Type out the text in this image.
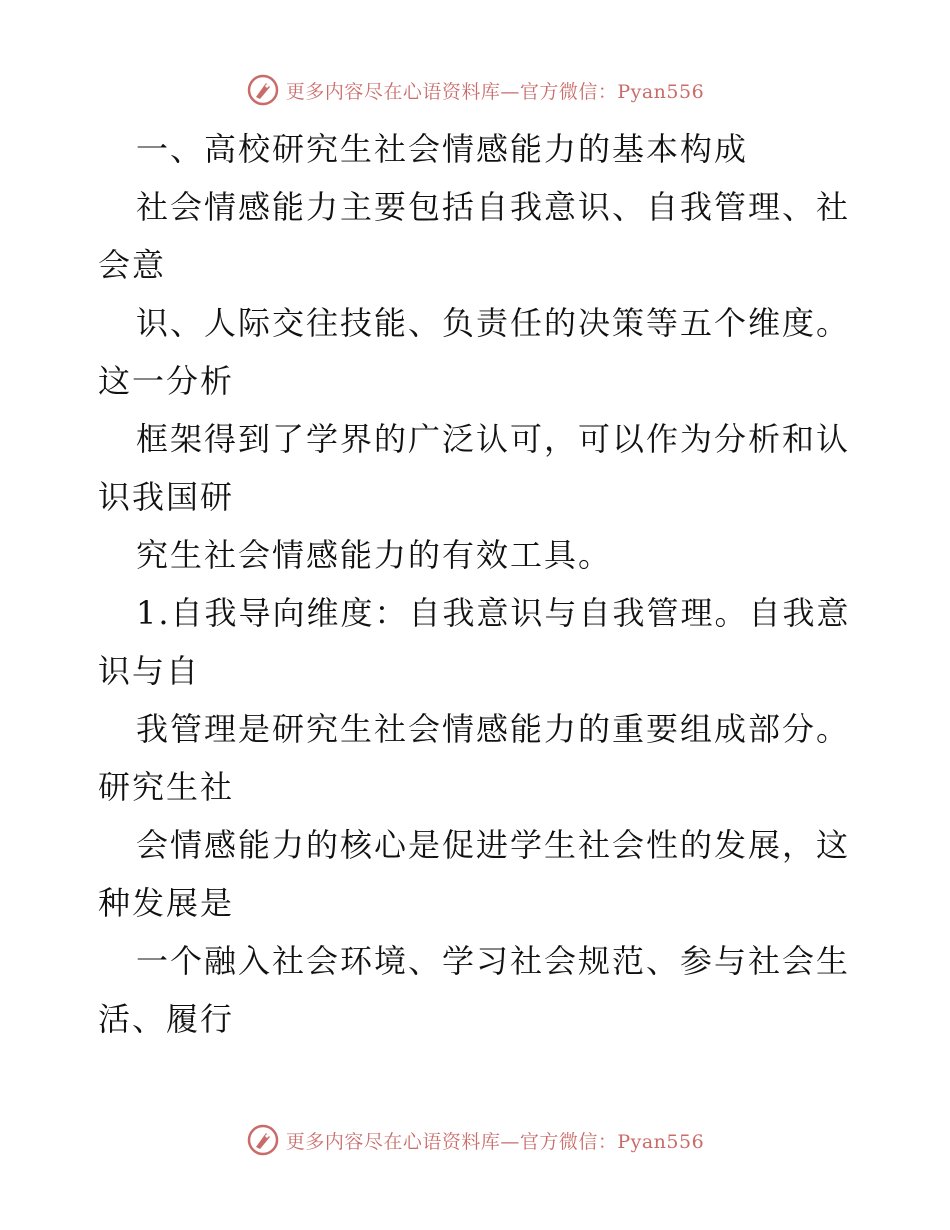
更多内容尽在心语资料库—官方微信：Pyan556
一、高校研究生社会情感能力的基本构成
社会情感能力主要包括自我意识、自我管理、社
会意
识、人际交往技能、负责任的决策等五个维度。
这一分析
框架得到了学界的广泛认可，可以作为分析和认
识我国研
究生社会情感能力的有效工具。
1.自我导向维度：自我意识与自我管理。自我意
识与自
我管理是研究生社会情感能力的重要组成部分。
研究生社
会情感能力的核心是促进学生社会性的发展，这
种发展是
一个融入社会环境、学习社会规范、参与社会生
活、履行
更多内容尽在心语资料库—官方微信：Pyan556
